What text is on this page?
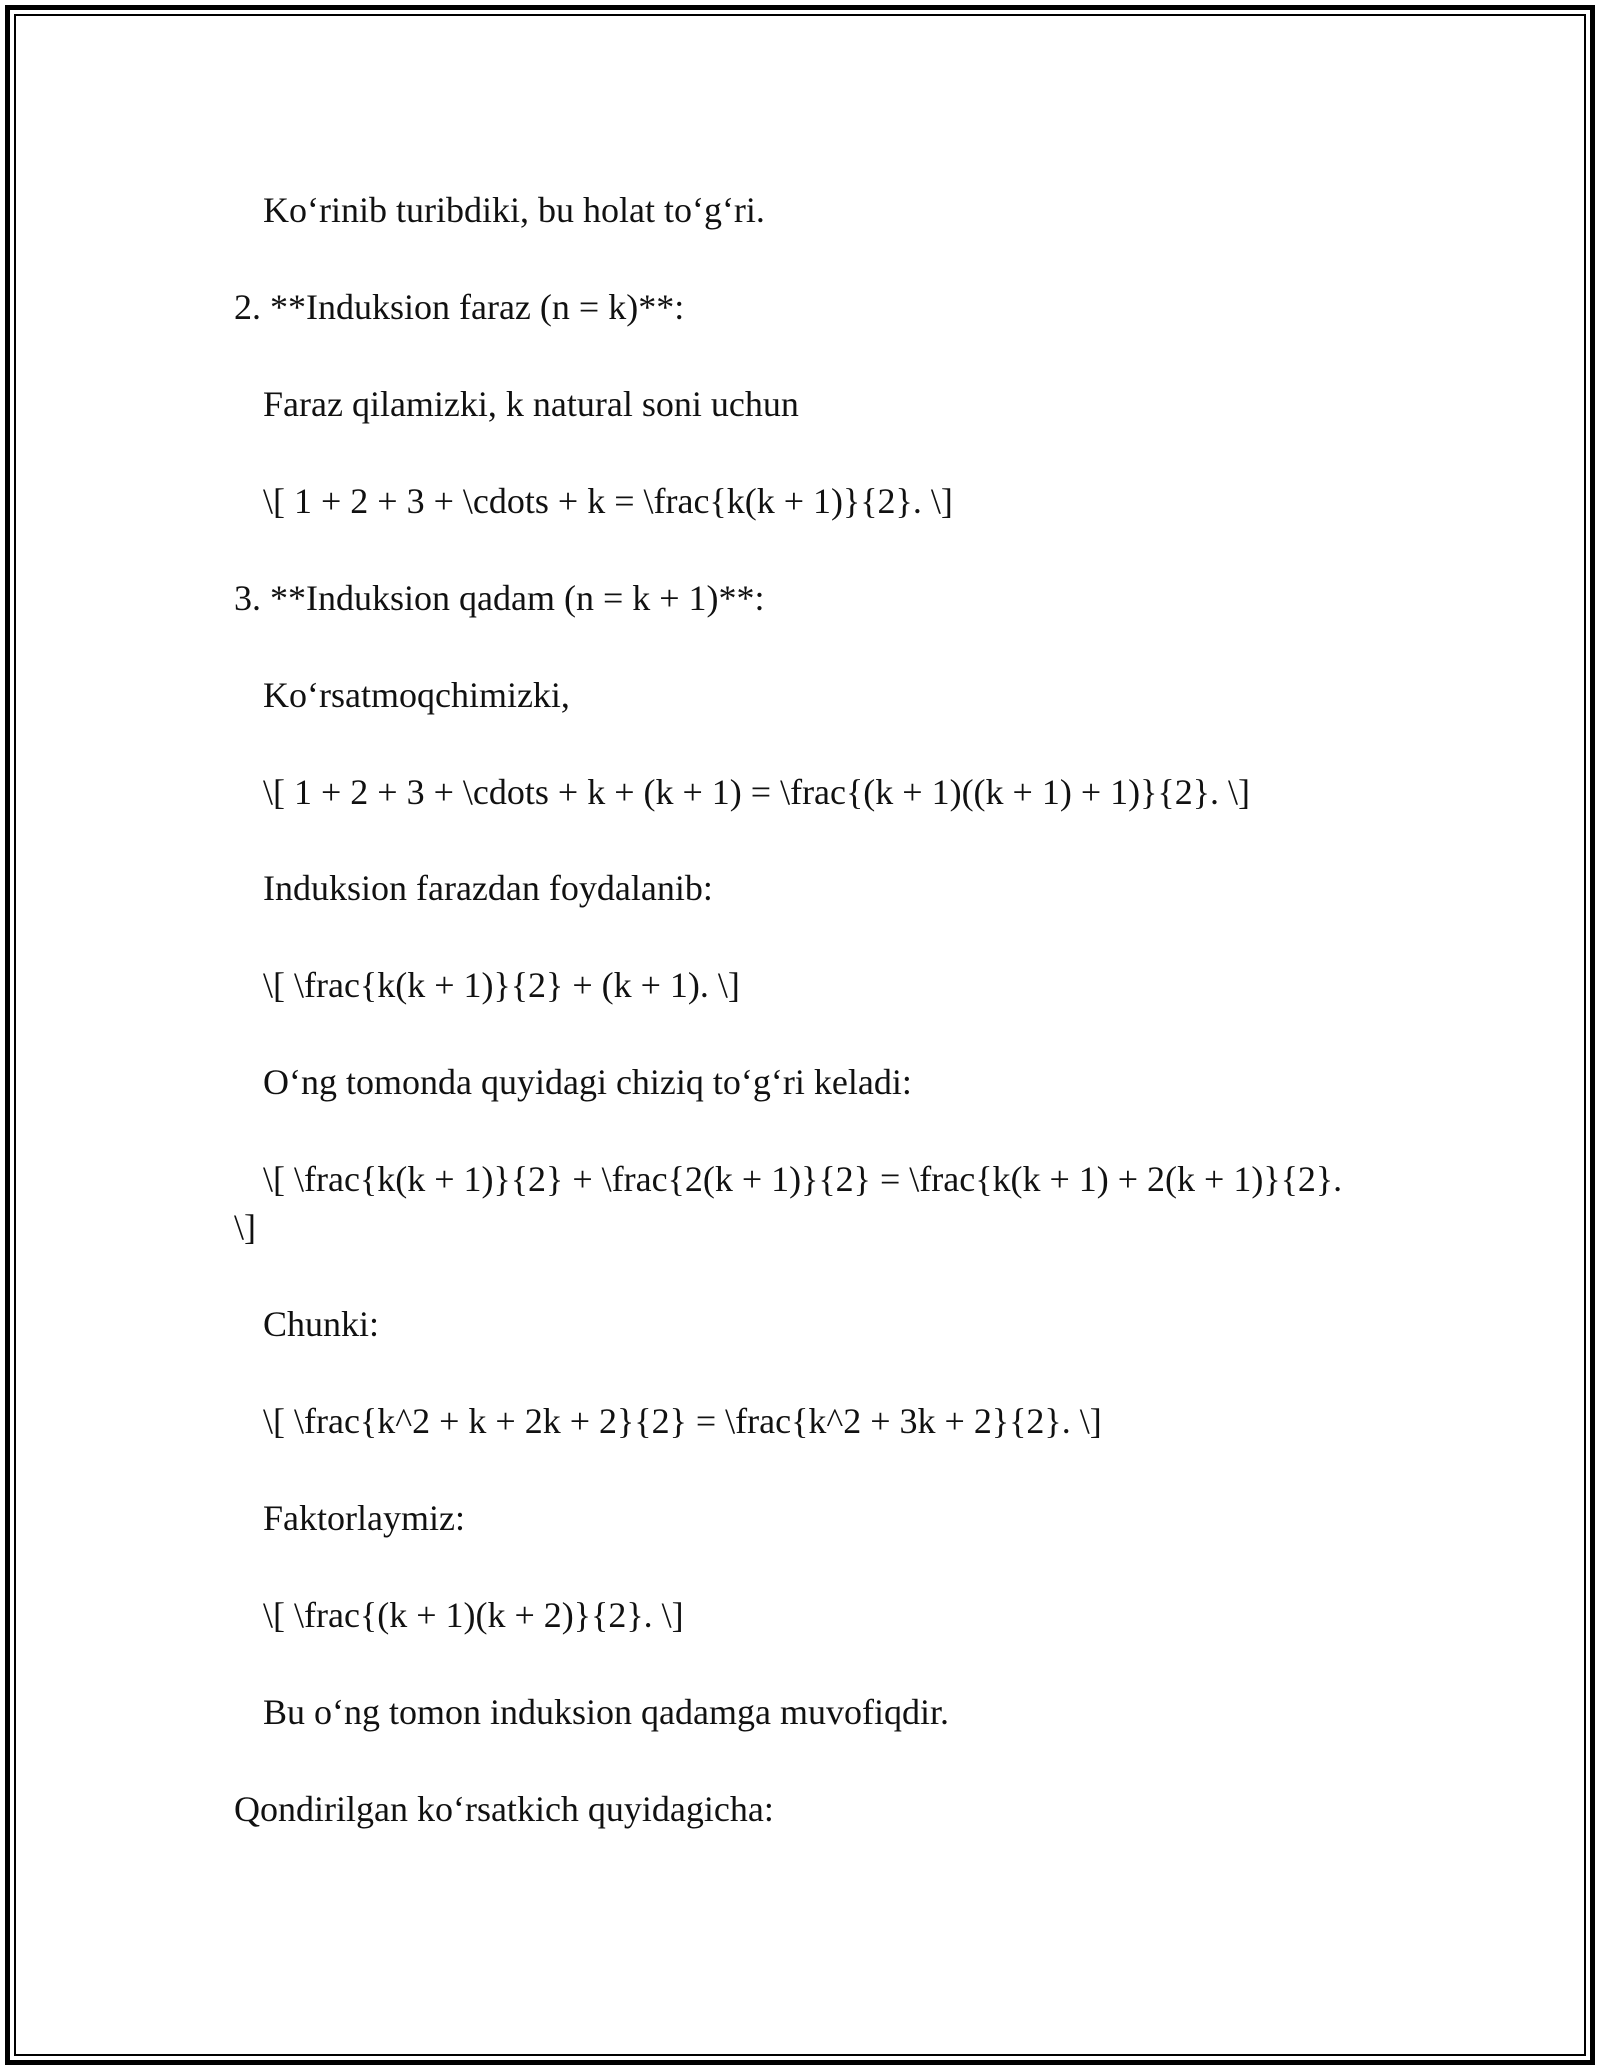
Ko‘rinib turibdiki, bu holat to‘g‘ri.
2. **Induksion faraz (n = k)**:
Faraz qilamizki, k natural soni uchun
\[ 1 + 2 + 3 + \cdots + k = \frac{k(k + 1)}{2}. \]
3. **Induksion qadam (n = k + 1)**:
Ko‘rsatmoqchimizki,
\[ 1 + 2 + 3 + \cdots + k + (k + 1) = \frac{(k + 1)((k + 1) + 1)}{2}. \]
Induksion farazdan foydalanib:
\[ \frac{k(k + 1)}{2} + (k + 1). \]
O‘ng tomonda quyidagi chiziq to‘g‘ri keladi:
\[ \frac{k(k + 1)}{2} + \frac{2(k + 1)}{2} = \frac{k(k + 1) + 2(k + 1)}{2}.
\]
Chunki:
\[ \frac{k^2 + k + 2k + 2}{2} = \frac{k^2 + 3k + 2}{2}. \]
Faktorlaymiz:
\[ \frac{(k + 1)(k + 2)}{2}. \]
Bu o‘ng tomon induksion qadamga muvofiqdir.
Qondirilgan ko‘rsatkich quyidagicha:
